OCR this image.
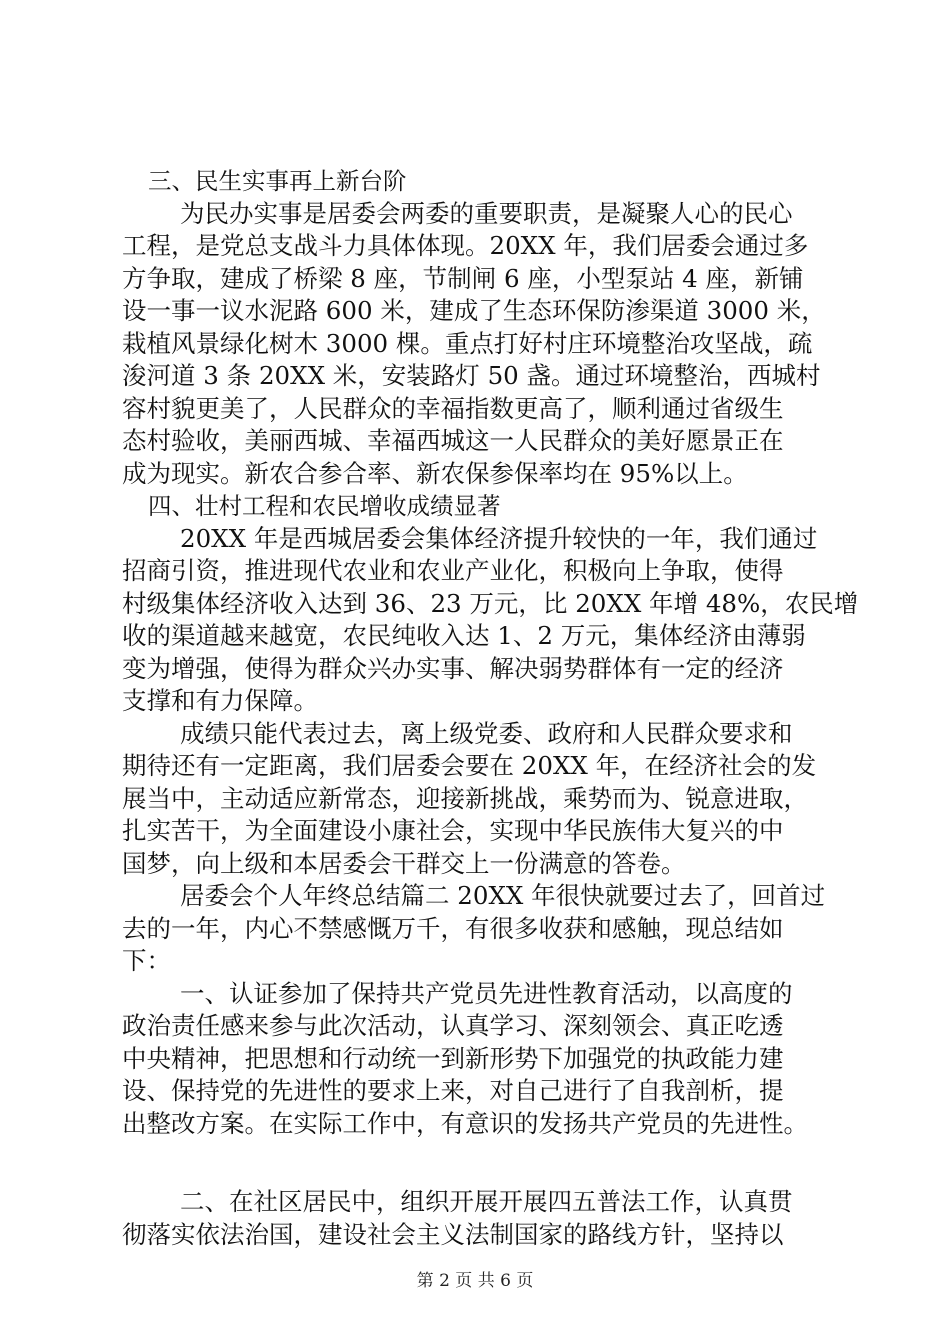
三、民生实事再上新台阶
为民办实事是居委会两委的重要职责，是凝聚人心的民心
工程，是党总支战斗力具体体现。20XX 年，我们居委会通过多
方争取，建成了桥梁 8 座，节制闸 6 座，小型泵站 4 座，新铺
设一事一议水泥路 600 米，建成了生态环保防渗渠道 3000 米，
栽植风景绿化树木 3000 棵。重点打好村庄环境整治攻坚战，疏
浚河道 3 条 20XX 米，安装路灯 50 盏。通过环境整治，西城村
容村貌更美了，人民群众的幸福指数更高了，顺利通过省级生
态村验收，美丽西城、幸福西城这一人民群众的美好愿景正在
成为现实。新农合参合率、新农保参保率均在 95%以上。
四、壮村工程和农民增收成绩显著
20XX 年是西城居委会集体经济提升较快的一年，我们通过
招商引资，推进现代农业和农业产业化，积极向上争取，使得
村级集体经济收入达到 36、23 万元，比 20XX 年增 48%，农民增
收的渠道越来越宽，农民纯收入达 1、2 万元，集体经济由薄弱
变为增强，使得为群众兴办实事、解决弱势群体有一定的经济
支撑和有力保障。
成绩只能代表过去，离上级党委、政府和人民群众要求和
期待还有一定距离，我们居委会要在 20XX 年，在经济社会的发
展当中，主动适应新常态，迎接新挑战，乘势而为、锐意进取，
扎实苦干，为全面建设小康社会，实现中华民族伟大复兴的中
国梦，向上级和本居委会干群交上一份满意的答卷。
居委会个人年终总结篇二 20XX 年很快就要过去了，回首过
去的一年，内心不禁感慨万千，有很多收获和感触，现总结如
下：
一、认证参加了保持共产党员先进性教育活动，以高度的
政治责任感来参与此次活动，认真学习、深刻领会、真正吃透
中央精神，把思想和行动统一到新形势下加强党的执政能力建
设、保持党的先进性的要求上来，对自己进行了自我剖析，提
出整改方案。在实际工作中，有意识的发扬共产党员的先进性。
二、在社区居民中，组织开展开展四五普法工作，认真贯
彻落实依法治国，建设社会主义法制国家的路线方针，坚持以
第 2 页 共 6 页
